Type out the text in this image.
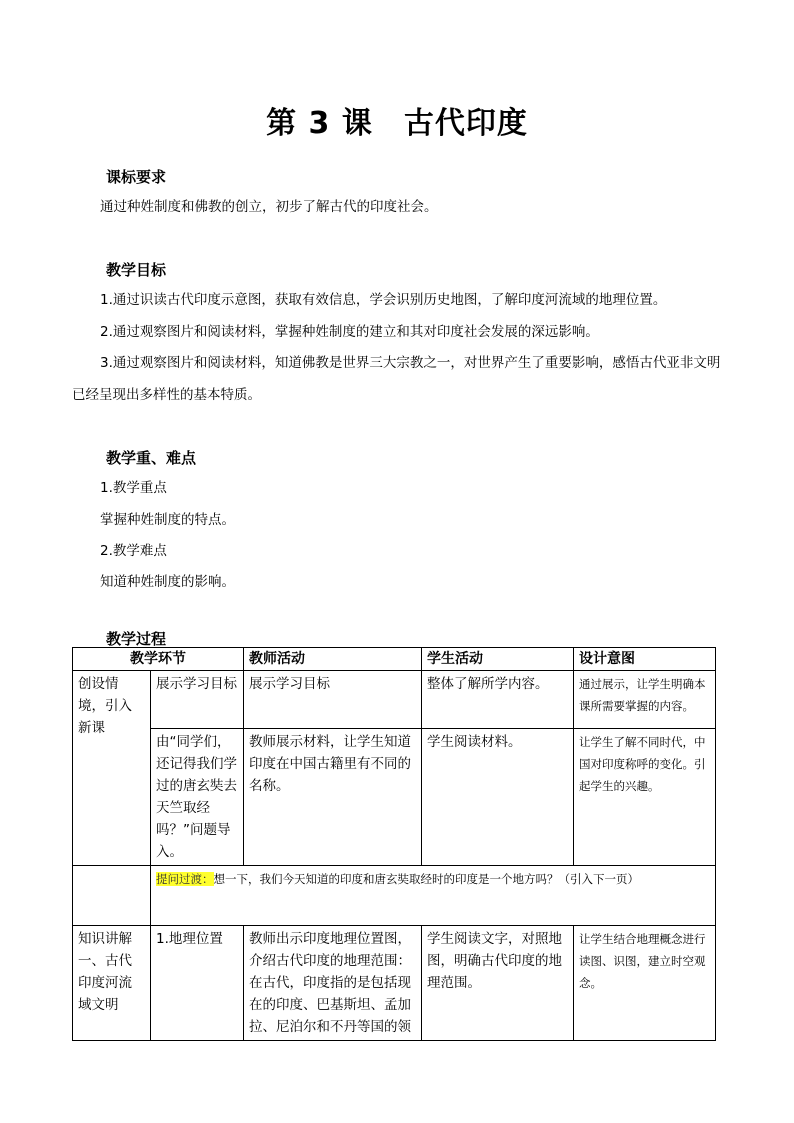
第 3 课　古代印度
课标要求
通过种姓制度和佛教的创立，初步了解古代的印度社会。
教学目标
1.通过识读古代印度示意图，获取有效信息，学会识别历史地图，了解印度河流域的地理位置。
2.通过观察图片和阅读材料，掌握种姓制度的建立和其对印度社会发展的深远影响。
3.通过观察图片和阅读材料，知道佛教是世界三大宗教之一，对世界产生了重要影响，感悟古代亚非文明已经呈现出多样性的基本特质。
教学重、难点
1.教学重点
掌握种姓制度的特点。
2.教学难点
知道种姓制度的影响。
教学过程
教学环节		教师活动	学生活动	设计意图
创设情境，引入新课	展示学习目标	展示学习目标	整体了解所学内容。	通过展示，让学生明确本课所需要掌握的内容。
	由“同学们，还记得我们学过的唐玄奘去天竺取经吗？”问题导入。	教师展示材料，让学生知道印度在中国古籍里有不同的名称。	学生阅读材料。	让学生了解不同时代，中国对印度称呼的变化。引起学生的兴趣。
	提问过渡：想一下，我们今天知道的印度和唐玄奘取经时的印度是一个地方吗？（引入下一页）			
知识讲解一、古代印度河流域文明	1.地理位置	教师出示印度地理位置图，介绍古代印度的地理范围：在古代，印度指的是包括现在的印度、巴基斯坦、孟加拉、尼泊尔和不丹等国的领	学生阅读文字，对照地图，明确古代印度的地理范围。	让学生结合地理概念进行读图、识图，建立时空观念。
